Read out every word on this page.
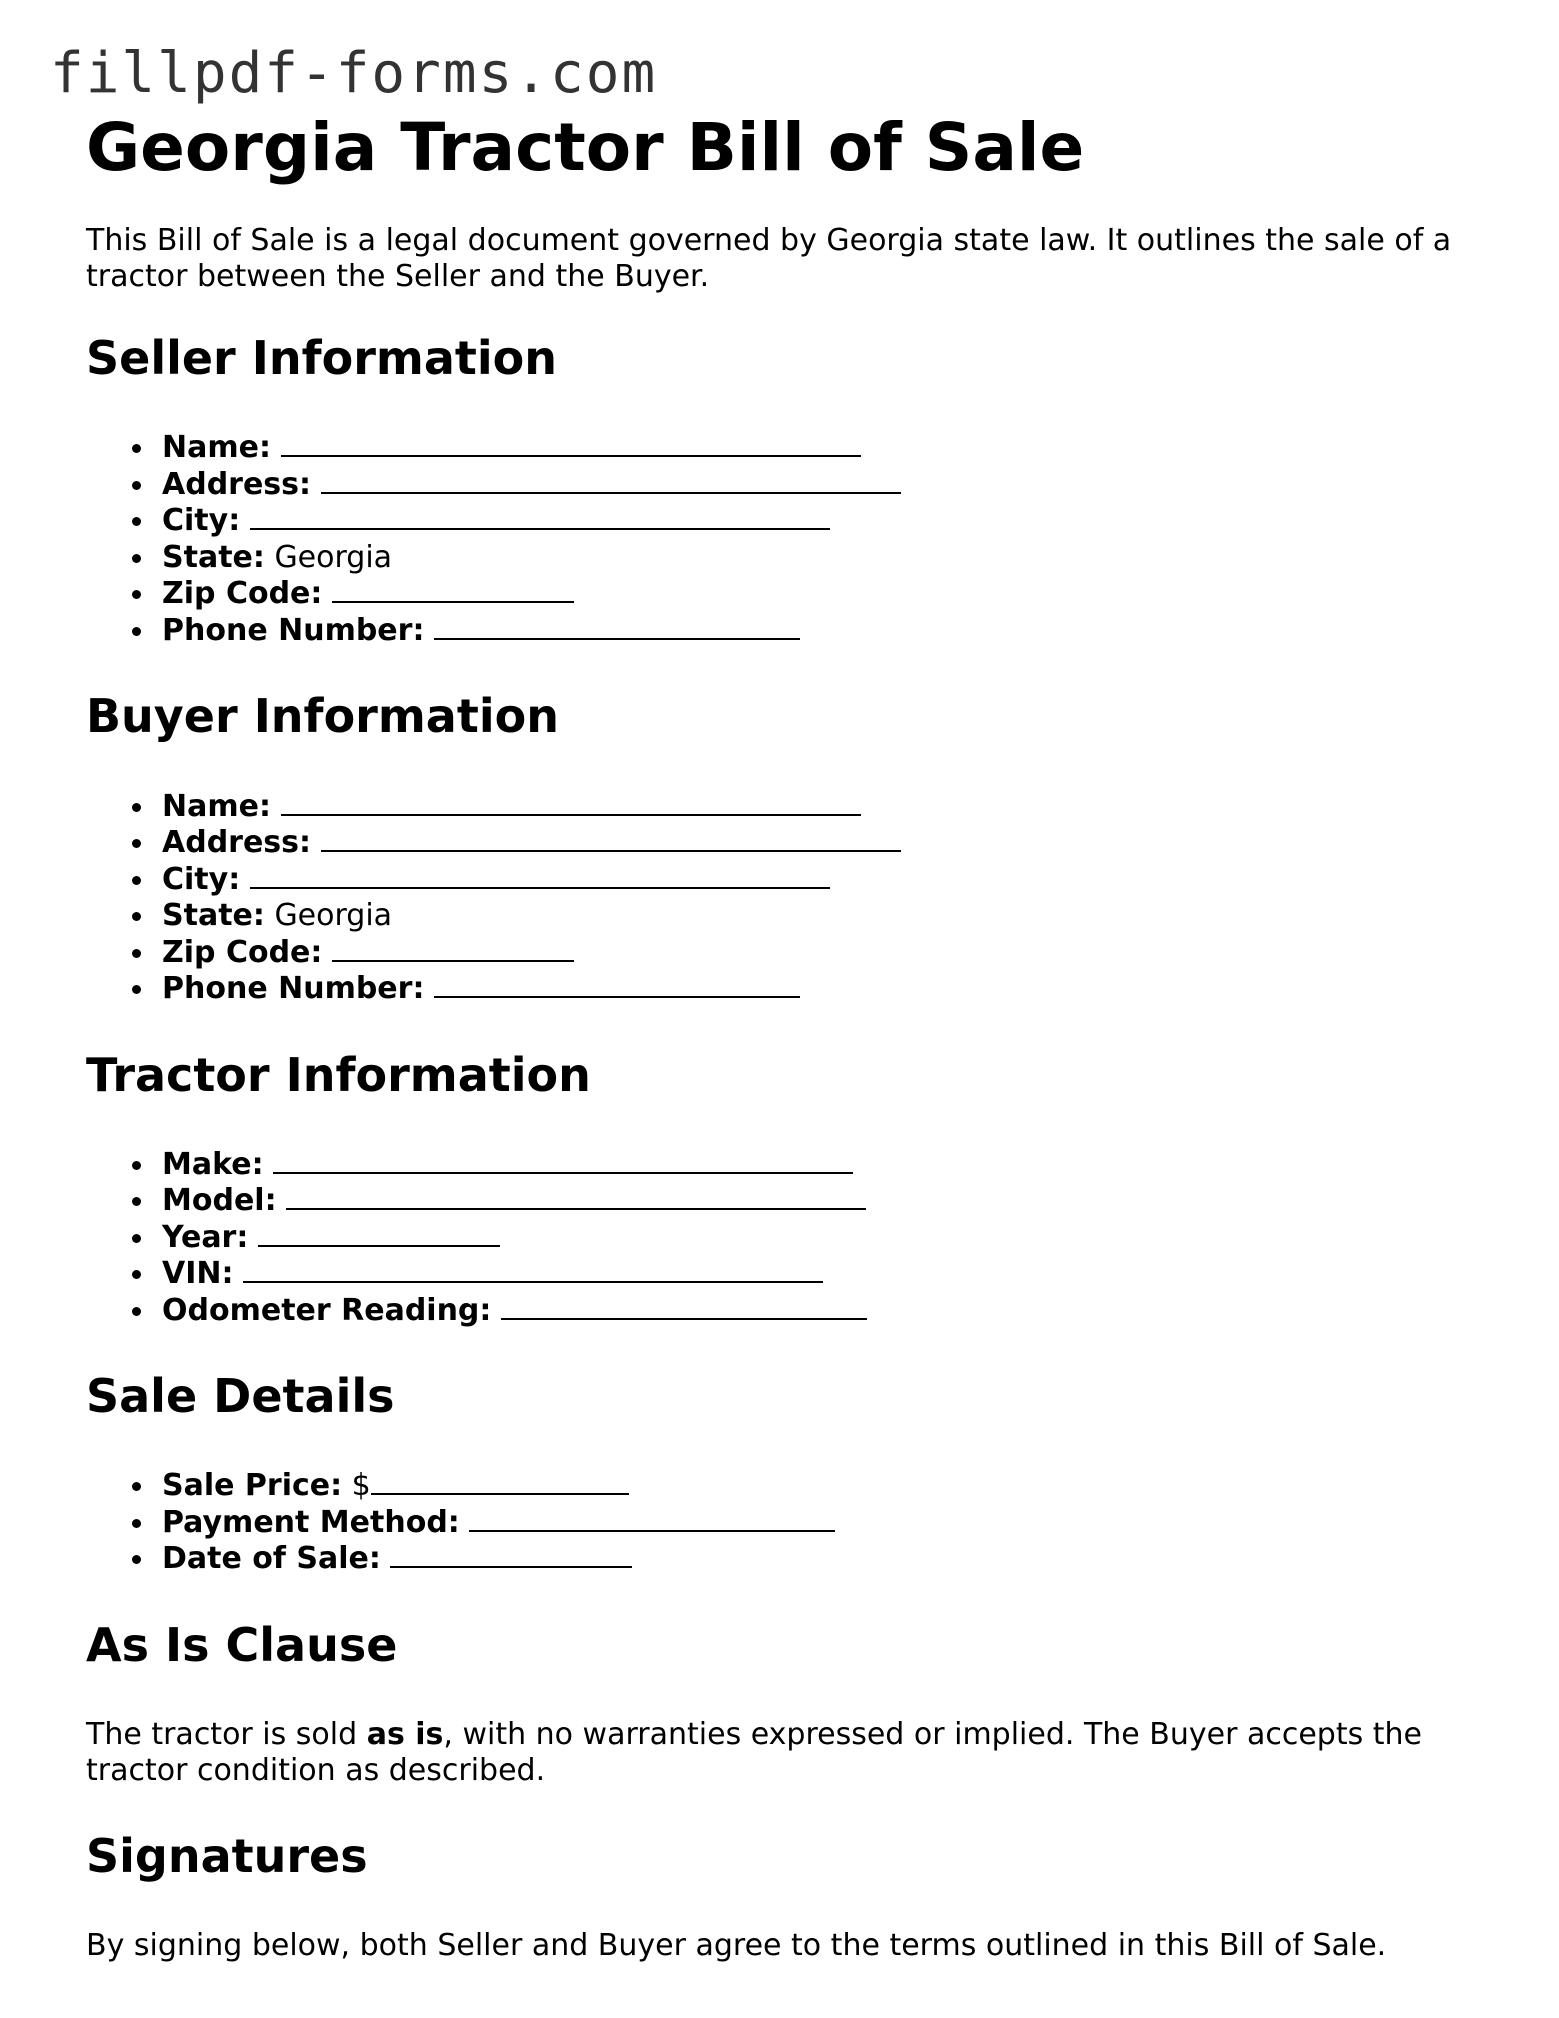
fillpdf-forms.com
Georgia Tractor Bill of Sale

This Bill of Sale is a legal document governed by Georgia state law. It outlines the sale of a tractor between the Seller and the Buyer.

Seller Information
Name:
Address:
City:
State: Georgia
Zip Code:
Phone Number:
Buyer Information
Name:
Address:
City:
State: Georgia
Zip Code:
Phone Number:
Tractor Information
Make:
Model:
Year:
VIN:
Odometer Reading:
Sale Details
Sale Price: $
Payment Method:
Date of Sale:
As Is Clause

The tractor is sold as is, with no warranties expressed or implied. The Buyer accepts the tractor condition as described.

Signatures

By signing below, both Seller and Buyer agree to the terms outlined in this Bill of Sale.
